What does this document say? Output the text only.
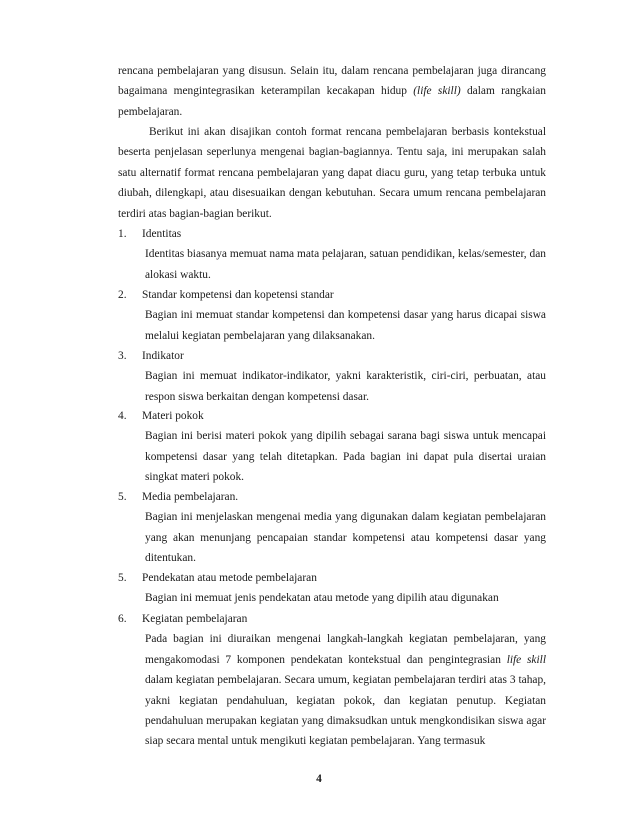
rencana pembelajaran yang disusun. Selain itu, dalam rencana pembelajaran juga dirancang bagaimana mengintegrasikan keterampilan kecakapan hidup (life skill) dalam rangkaian pembelajaran.

Berikut ini akan disajikan contoh format rencana pembelajaran berbasis kontekstual beserta penjelasan seperlunya mengenai bagian-bagiannya. Tentu saja, ini merupakan salah satu alternatif format rencana pembelajaran yang dapat diacu guru, yang tetap terbuka untuk diubah, dilengkapi, atau disesuaikan dengan kebutuhan. Secara umum rencana pembelajaran terdiri atas bagian-bagian berikut.

1. Identitas

Identitas biasanya memuat nama mata pelajaran, satuan pendidikan, kelas/semester, dan alokasi waktu.

2. Standar kompetensi dan kopetensi standar

Bagian ini memuat standar kompetensi dan kompetensi dasar yang harus dicapai siswa melalui kegiatan pembelajaran yang dilaksanakan.

3. Indikator

Bagian ini memuat indikator-indikator, yakni karakteristik, ciri-ciri, perbuatan, atau respon siswa berkaitan dengan kompetensi dasar.

4. Materi pokok

Bagian ini berisi materi pokok yang dipilih sebagai sarana bagi siswa untuk mencapai kompetensi dasar yang telah ditetapkan. Pada bagian ini dapat pula disertai uraian singkat materi pokok.

5. Media pembelajaran.

Bagian ini menjelaskan mengenai media yang digunakan dalam kegiatan pembelajaran yang akan menunjang pencapaian standar kompetensi atau kompetensi dasar yang ditentukan.

5. Pendekatan atau metode pembelajaran

Bagian ini memuat jenis pendekatan atau metode yang dipilih atau digunakan

6. Kegiatan pembelajaran

Pada bagian ini diuraikan mengenai langkah-langkah kegiatan pembelajaran, yang mengakomodasi 7 komponen pendekatan kontekstual dan pengintegrasian life skill dalam kegiatan pembelajaran. Secara umum, kegiatan pembelajaran terdiri atas 3 tahap, yakni kegiatan pendahuluan, kegiatan pokok, dan kegiatan penutup. Kegiatan pendahuluan merupakan kegiatan yang dimaksudkan untuk mengkondisikan siswa agar siap secara mental untuk mengikuti kegiatan pembelajaran. Yang termasuk

4
